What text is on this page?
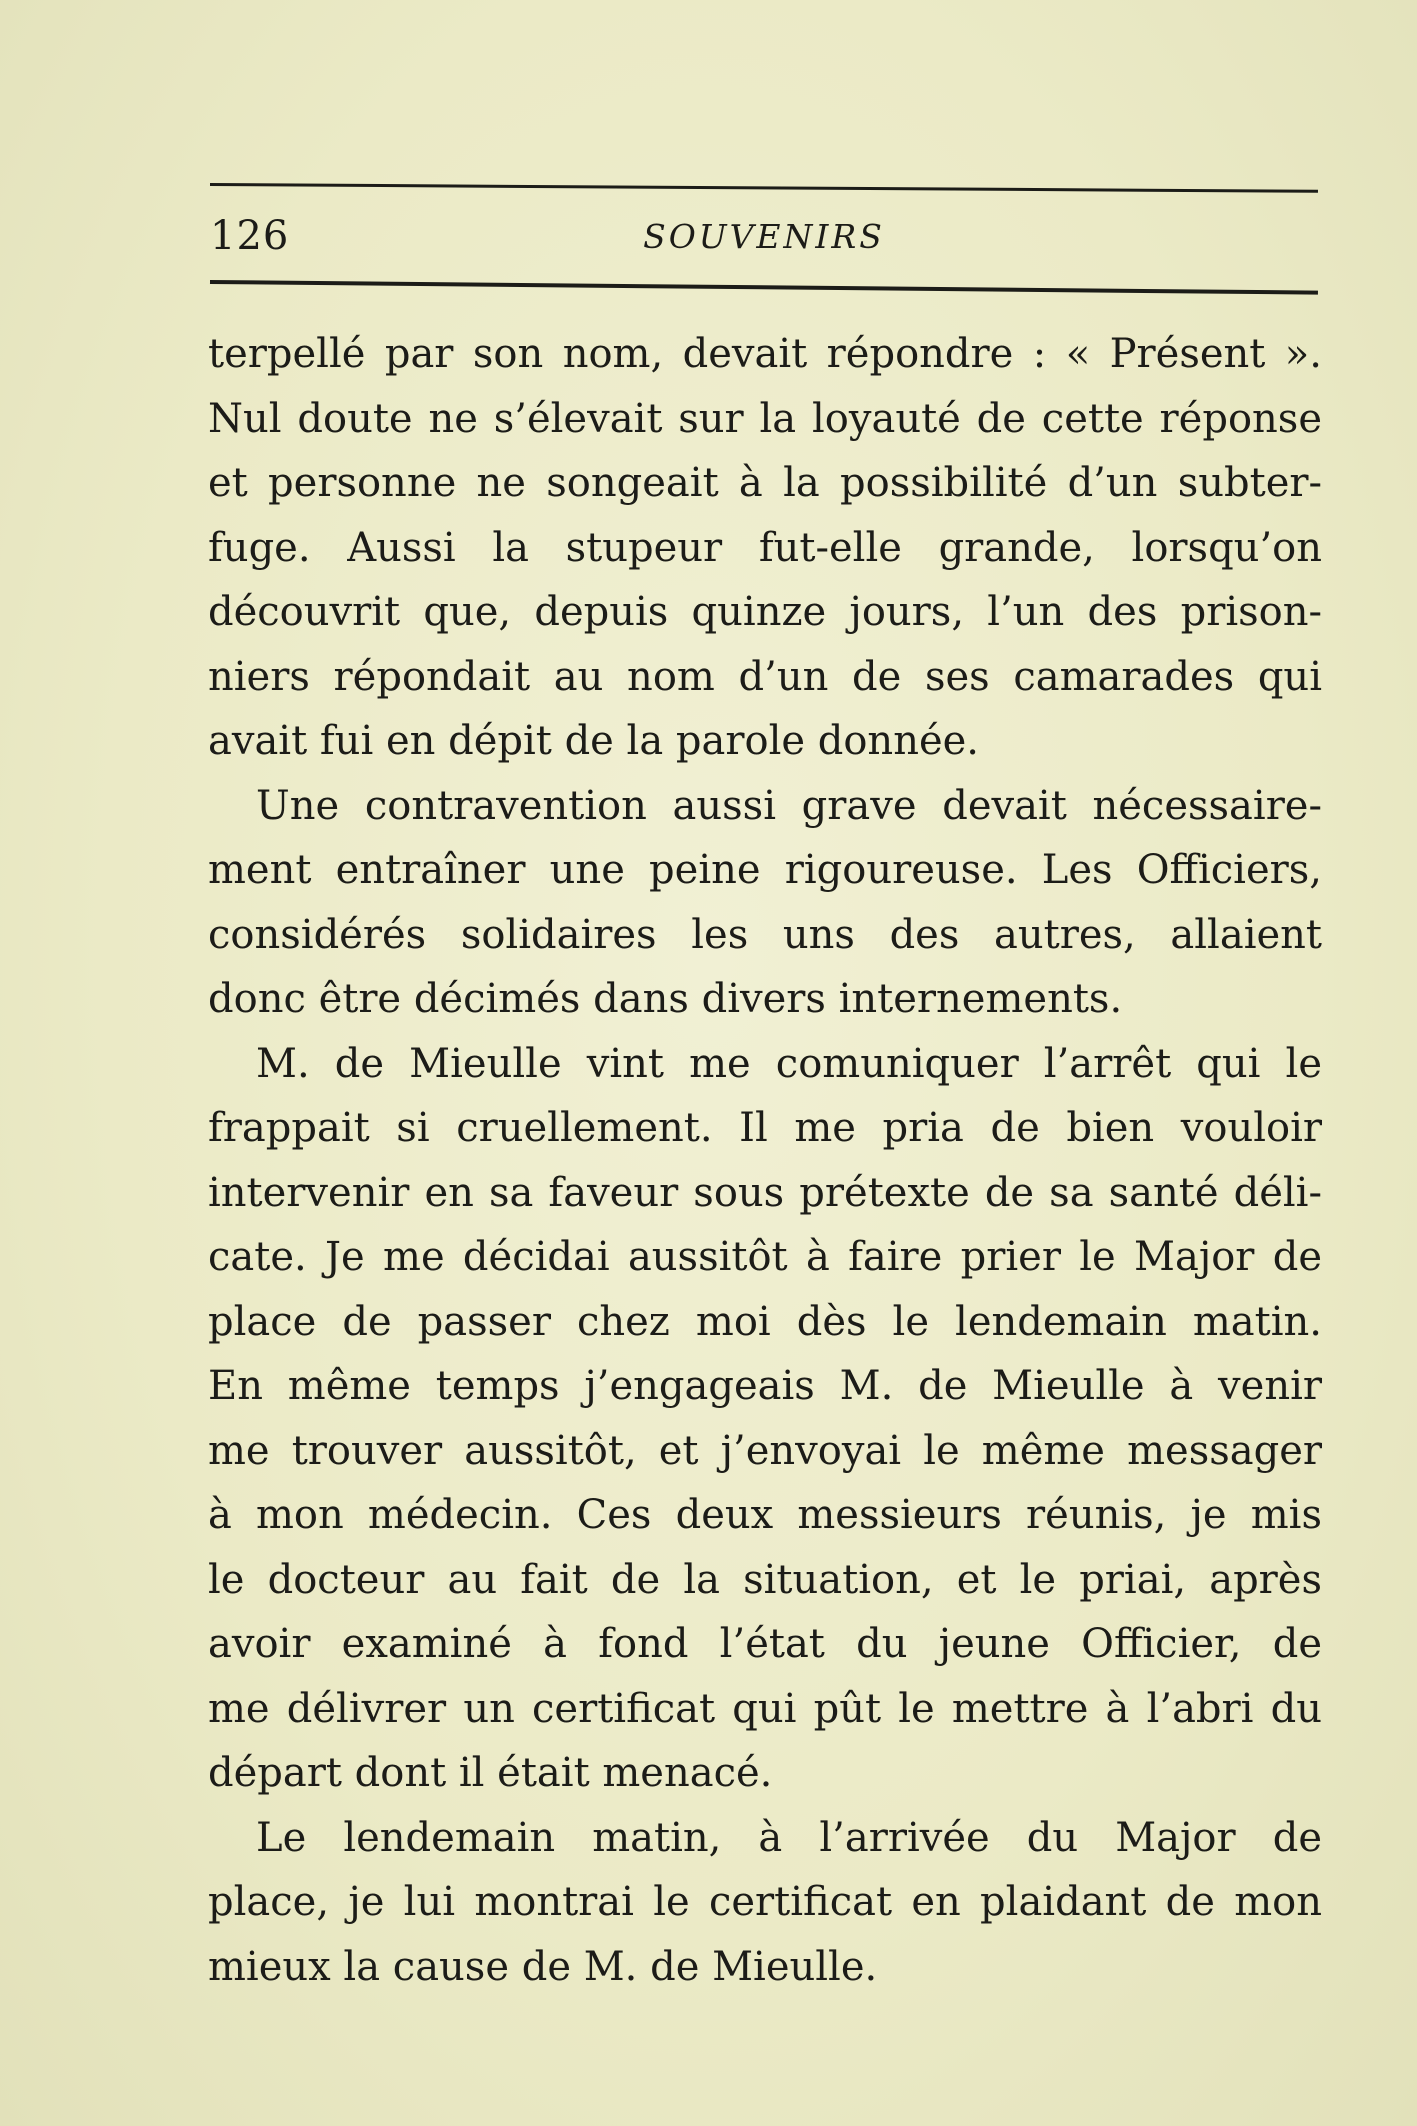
126	SOUVENIRS
terpellé par son nom, devait répondre : « Présent ».
Nul doute ne s’élevait sur la loyauté de cette réponse
et personne ne songeait à la possibilité d’un subter-
fuge. Aussi la stupeur fut-elle grande, lorsqu’on
découvrit que, depuis quinze jours, l’un des prison-
niers répondait au nom d’un de ses camarades qui
avait fui en dépit de la parole donnée.
Une contravention aussi grave devait nécessaire-
ment entraîner une peine rigoureuse. Les Officiers,
considérés solidaires les uns des autres, allaient
donc être décimés dans divers internements.
M. de Mieulle vint me comuniquer l’arrêt qui le
frappait si cruellement. Il me pria de bien vouloir
intervenir en sa faveur sous prétexte de sa santé déli-
cate. Je me décidai aussitôt à faire prier le Major de
place de passer chez moi dès le lendemain matin.
En même temps j’engageais M. de Mieulle à venir
me trouver aussitôt, et j’envoyai le même messager
à mon médecin. Ces deux messieurs réunis, je mis
le docteur au fait de la situation, et le priai, après
avoir examiné à fond l’état du jeune Officier, de
me délivrer un certificat qui pût le mettre à l’abri du
départ dont il était menacé.
Le lendemain matin, à l’arrivée du Major de
place, je lui montrai le certificat en plaidant de mon
mieux la cause de M. de Mieulle.
